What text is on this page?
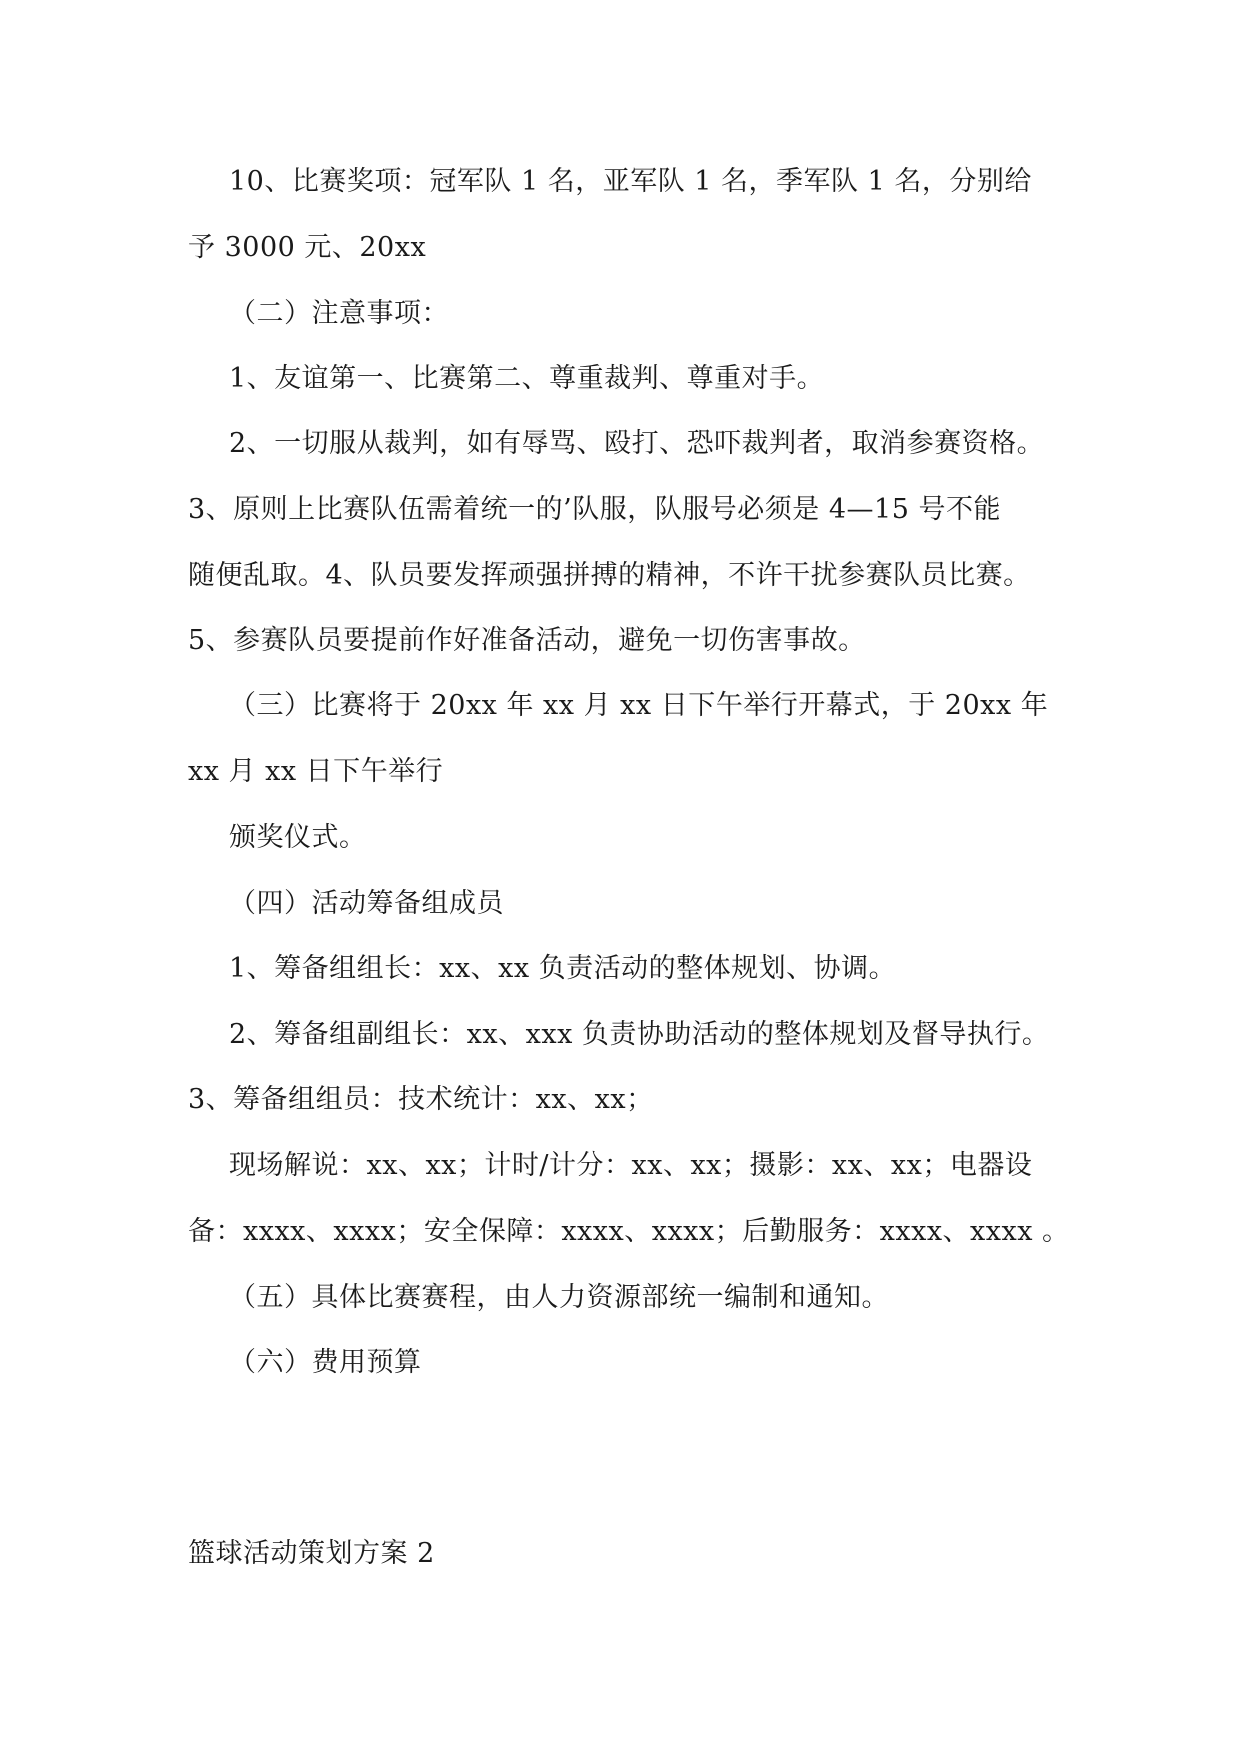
10、比赛奖项：冠军队 1 名，亚军队 1 名，季军队 1 名，分别给
予 3000 元、20xx
（二）注意事项：
1、友谊第一、比赛第二、尊重裁判、尊重对手。
2、一切服从裁判，如有辱骂、殴打、恐吓裁判者，取消参赛资格。
3、原则上比赛队伍需着统一的’队服，队服号必须是 4—15 号不能
随便乱取。4、队员要发挥顽强拼搏的精神，不许干扰参赛队员比赛。
5、参赛队员要提前作好准备活动，避免一切伤害事故。
（三）比赛将于 20xx 年 xx 月 xx 日下午举行开幕式，于 20xx 年
xx 月 xx 日下午举行
颁奖仪式。
（四）活动筹备组成员
1、筹备组组长：xx、xx 负责活动的整体规划、协调。
2、筹备组副组长：xx、xxx 负责协助活动的整体规划及督导执行。
3、筹备组组员：技术统计：xx、xx；
现场解说：xx、xx；计时/计分：xx、xx；摄影：xx、xx；电器设
备：xxxx、xxxx；安全保障：xxxx、xxxx；后勤服务：xxxx、xxxx 。
（五）具体比赛赛程，由人力资源部统一编制和通知。
（六）费用预算
篮球活动策划方案 2
